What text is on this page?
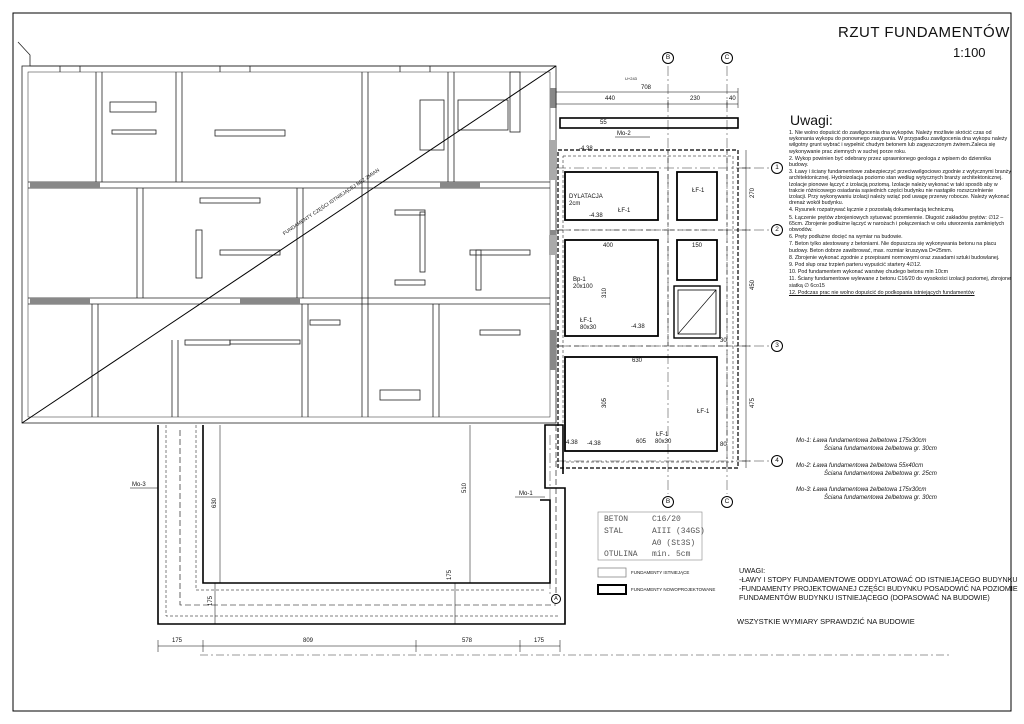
RZUT FUNDAMENTÓW
1:100
Uwagi:

1. Nie wolno dopuścić do zawilgocenia dna wykopów. Należy możliwie skrócić czas od wykonania wykopu do ponownego zasypania. W przypadku zawilgocenia dna wykopu należy wilgotny grunt wybrać i wypełnić chudym betonem lub zagęszczonym żwirem.Zaleca się wykonywanie prac ziemnych w suchej porze roku.

2. Wykop powinien być odebrany przez uprawnionego geologa z wpisem do dziennika budowy.

3. Ławy i ściany fundamentowe zabezpieczyć przeciwwilgociowo zgodnie z wytycznymi branży architektonicznej. Hydroizolacja poziomo stan według wytycznych branży architektonicznej. Izolacje pionowe łączyć z izolacją poziomą. Izolacje należy wykonać w taki sposób aby w trakcie różnicowego osiadania sąsiednich części budynku nie nastąpiło rozszczelnienie izolacji. Przy wykonywaniu izolacji należy wziąć pod uwagę przerwy robocze. Należy wykonać drenaż wokół budynku.

4. Rysunek rozpatrywać łącznie z pozostałą dokumentacją techniczną.

5. Łączenie prętów zbrojeniowych sytuować przemiennie. Długość zakładów prętów: ∅12 – 65cm. Zbrojenie podłużne łączyć w narożach i połączeniach w celu utworzenia zamkniętych obwodów.

6. Pręty podłużne docięć na wymiar na budowie.

7. Beton tylko atestowany z betoniarni. Nie dopuszcza się wykonywania betonu na placu budowy. Beton dobrze zawibrować, max. rozmiar kruszywa D=25mm.

8. Zbrojenie wykonać zgodnie z przepisami normowymi oraz zasadami sztuki budowlanej.

9. Pod słup oraz trzpień parteru wypuścić startery 4∅12.

10. Pod fundamentem wykonać warstwę chudego betonu min 10cm

11. Ściany fundamentowe wylewane z betonu C16/20 do wysokości izolacji poziomej, zbrojone siatką ∅ 6co15

12. Podczas prac nie wolno dopuścić do podkopania istniejących fundamentów

Mo-1: Ława fundamentowa żelbetowa 175x30cm
Ściana fundamentowa żelbetowa gr. 30cm
Mo-2: Ława fundamentowa żelbetowa 55x40cm
Ściana fundamentowa żelbetowa gr. 25cm
Mo-3: Ława fundamentowa żelbetowa 175x30cm
Ściana fundamentowa żelbetowa gr. 30cm
BETON	C16/20
STAL	AIII (34GS)
A0 (St3S)
OTULINA min. 5cm
FUNDAMENTY ISTNIEJĄCE
FUNDAMENTY NOWOPROJEKTOWANE
UWAGI:
-ŁAWY I STOPY FUNDAMENTOWE ODDYLATOWAĆ OD ISTNIEJĄCEGO BUDYNKU
-FUNDAMENTY PROJEKTOWANEJ CZĘŚCI BUDYNKU POSADOWIĆ NA POZIOMIE
FUNDAMENTÓW BUDYNKU ISTNIEJĄCEGO (DOPASOWAĆ NA BUDOWIE)
WSZYSTKIE WYMIARY SPRAWDZIĆ NA BUDOWIE
FUNDAMENTY CZĘŚCI ISTNIEJĄCEJ BEZ ZMIAN
B	C
B	C
1
2
3
4
A
Mo-2
Mo-3
Mo-1
DYLATACJA
2cm
Bp-1
20x100
ŁF-1
80x30
ŁF-1
80x30
ŁF-1
ŁF-1
ŁF-1
-4.38
-4.38
-4.38
-4.38
-4.38
U+243
708
440	230	40
270
450
475
400	150
630
605
305
310
55
80
30
175	809	578	175
630
510
175
175
